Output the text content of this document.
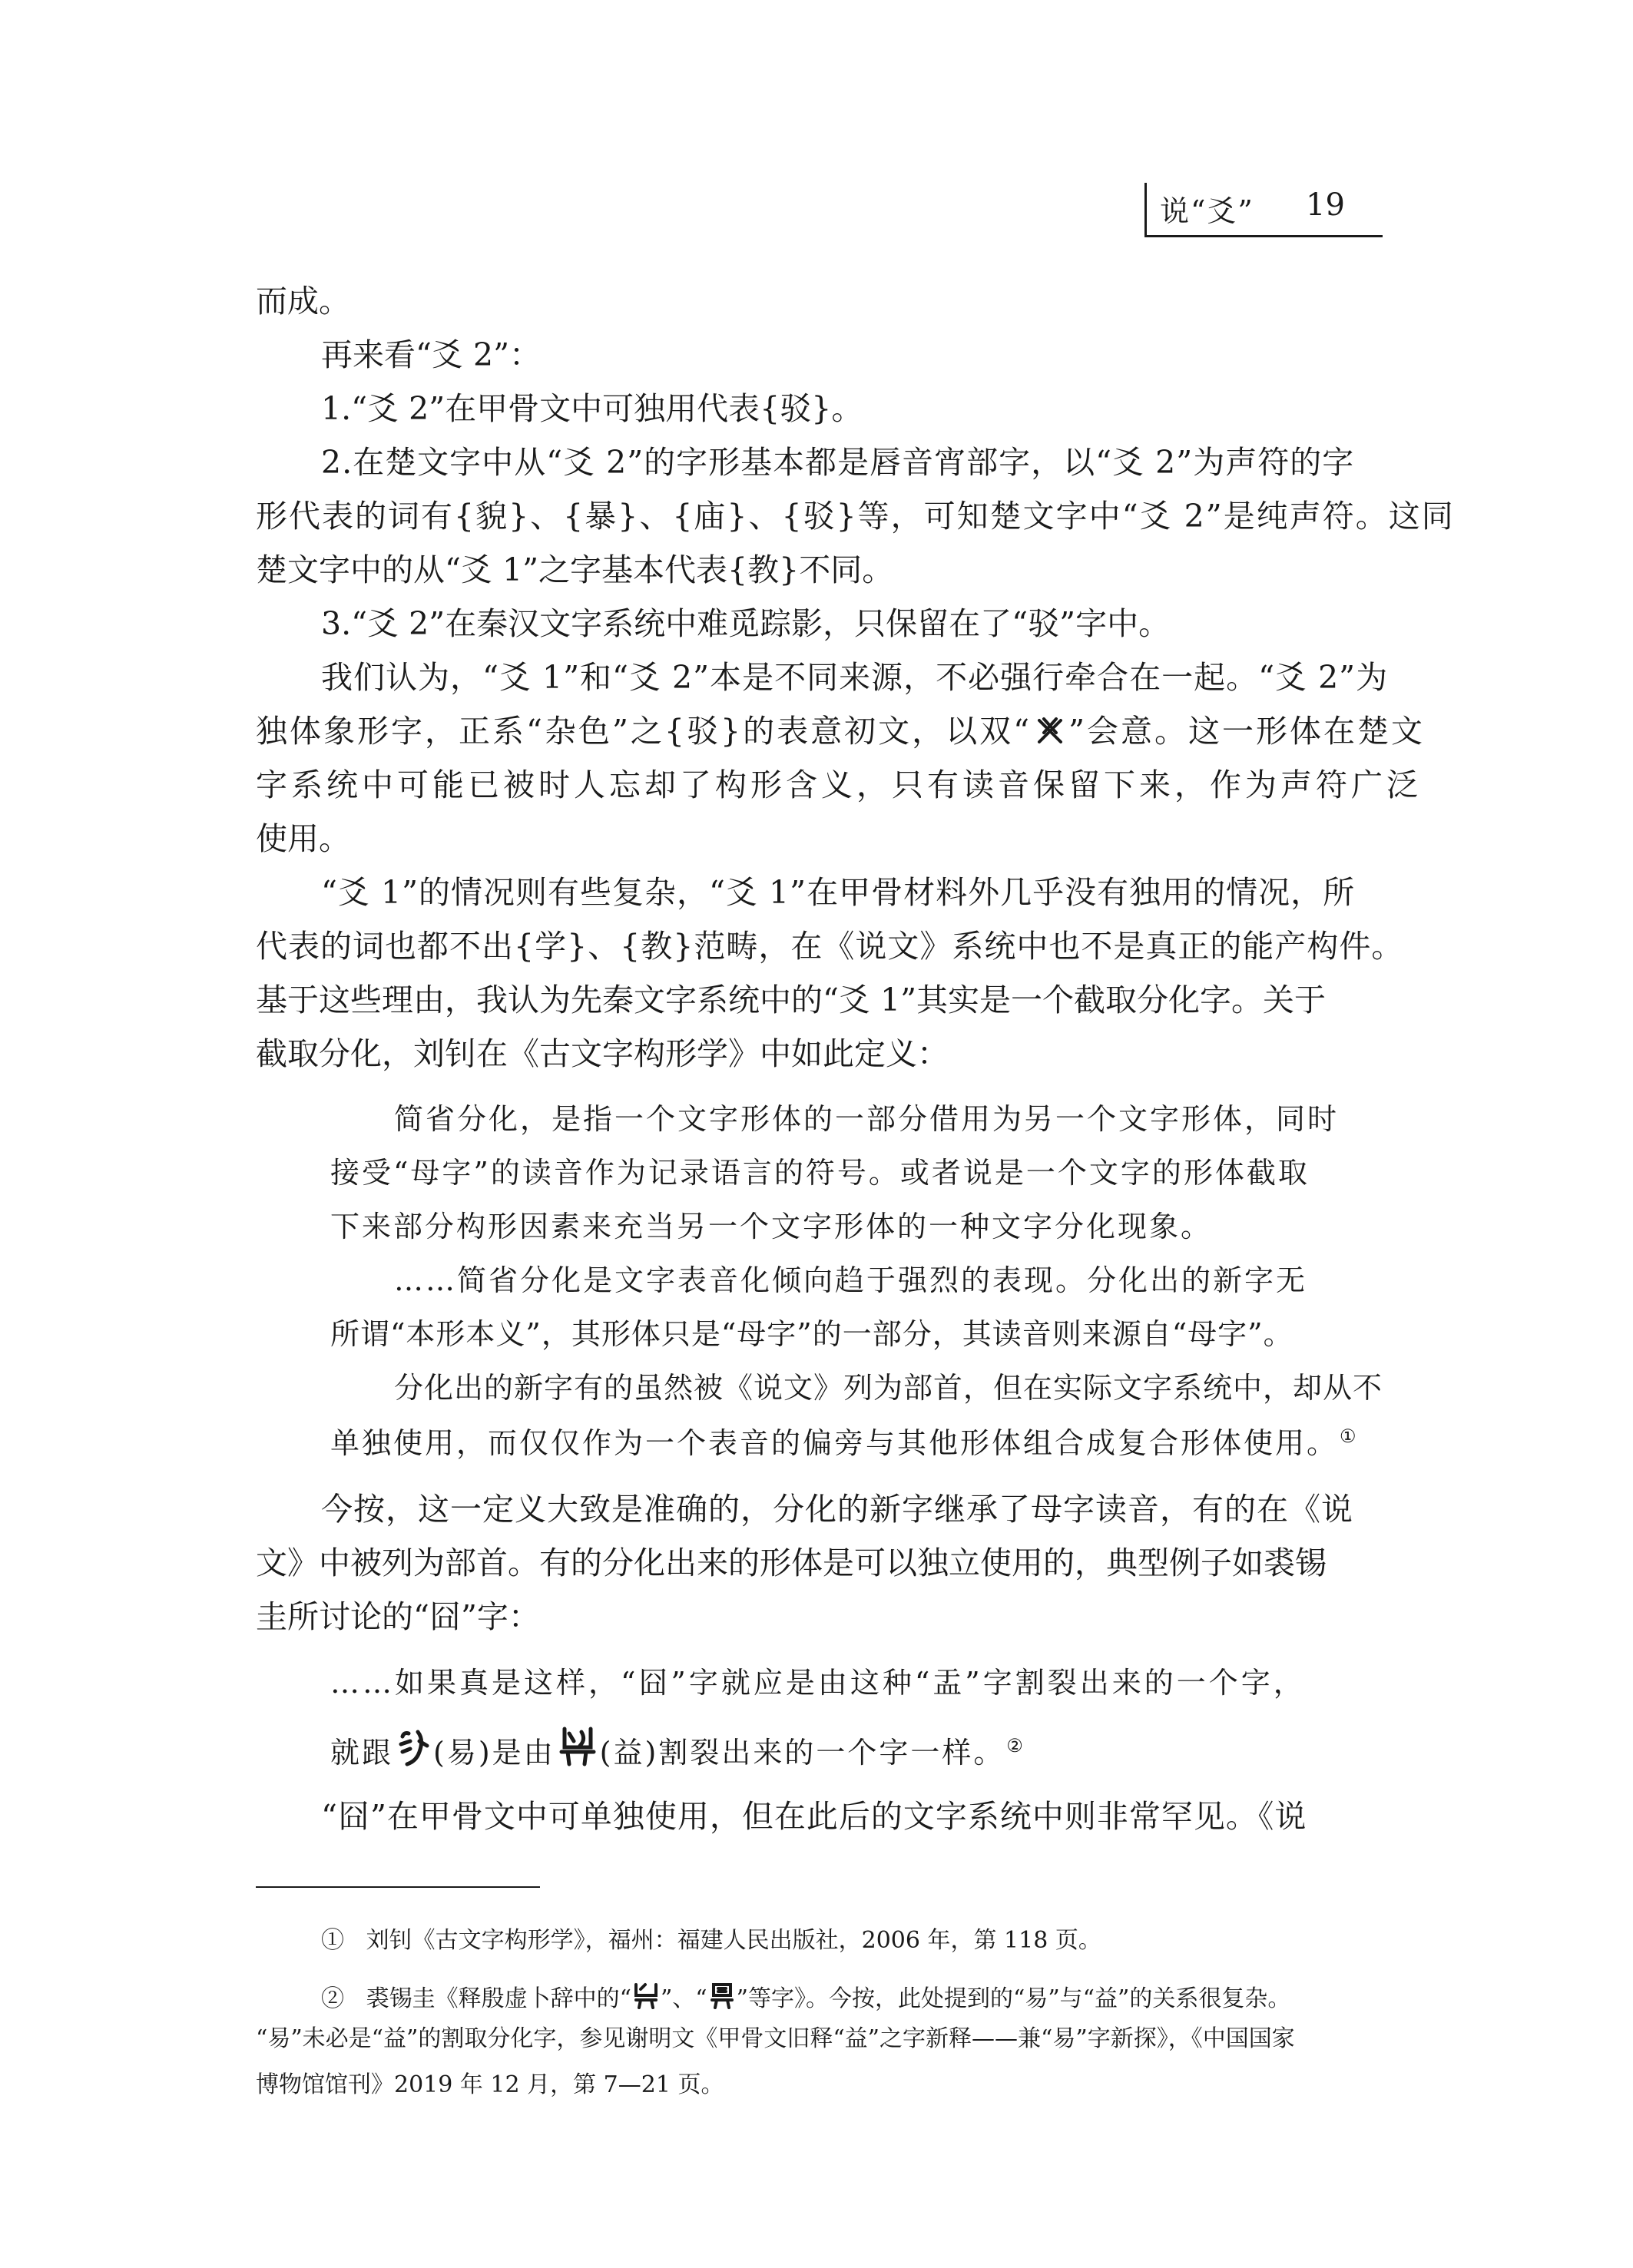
说“爻” 19
而成。
再来看“爻 2”：
1.“爻 2”在甲骨文中可独用代表{驳}。
2.在楚文字中从“爻 2”的字形基本都是唇音宵部字，以“爻 2”为声符的字
形代表的词有{貌}、{暴}、{庙}、{驳}等，可知楚文字中“爻 2”是纯声符。这同
楚文字中的从“爻 1”之字基本代表{教}不同。
3.“爻 2”在秦汉文字系统中难觅踪影，只保留在了“驳”字中。
我们认为，“爻 1”和“爻 2”本是不同来源，不必强行牵合在一起。“爻 2”为
独体象形字，正系“杂色”之{驳}的表意初文，以双“ ”会意。这一形体在楚文
字系统中可能已被时人忘却了构形含义，只有读音保留下来，作为声符广泛
使用。
“爻 1”的情况则有些复杂，“爻 1”在甲骨材料外几乎没有独用的情况，所
代表的词也都不出{学}、{教}范畴，在《说文》系统中也不是真正的能产构件。
基于这些理由，我认为先秦文字系统中的“爻 1”其实是一个截取分化字。关于
截取分化，刘钊在《古文字构形学》中如此定义：
简省分化，是指一个文字形体的一部分借用为另一个文字形体，同时
接受“母字”的读音作为记录语言的符号。或者说是一个文字的形体截取
下来部分构形因素来充当另一个文字形体的一种文字分化现象。
……简省分化是文字表音化倾向趋于强烈的表现。分化出的新字无
所谓“本形本义”，其形体只是“母字”的一部分，其读音则来源自“母字”。
分化出的新字有的虽然被《说文》列为部首，但在实际文字系统中，却从不
单独使用，而仅仅作为一个表音的偏旁与其他形体组合成复合形体使用。①
今按，这一定义大致是准确的，分化的新字继承了母字读音，有的在《说
文》中被列为部首。有的分化出来的形体是可以独立使用的，典型例子如裘锡
圭所讨论的“囧”字：
……如果真是这样，“囧”字就应是由这种“盂”字割裂出来的一个字，
就跟 (易)是由 (益)割裂出来的一个字一样。②
“囧”在甲骨文中可单独使用，但在此后的文字系统中则非常罕见。《说
① 刘钊《古文字构形学》，福州：福建人民出版社，2006 年，第 118 页。
② 裘锡圭《释殷虚卜辞中的“ ”、“ ”等字》。今按，此处提到的“易”与“益”的关系很复杂。
“易”未必是“益”的割取分化字，参见谢明文《甲骨文旧释“益”之字新释——兼“易”字新探》，《中国国家
博物馆馆刊》2019 年 12 月，第 7—21 页。
